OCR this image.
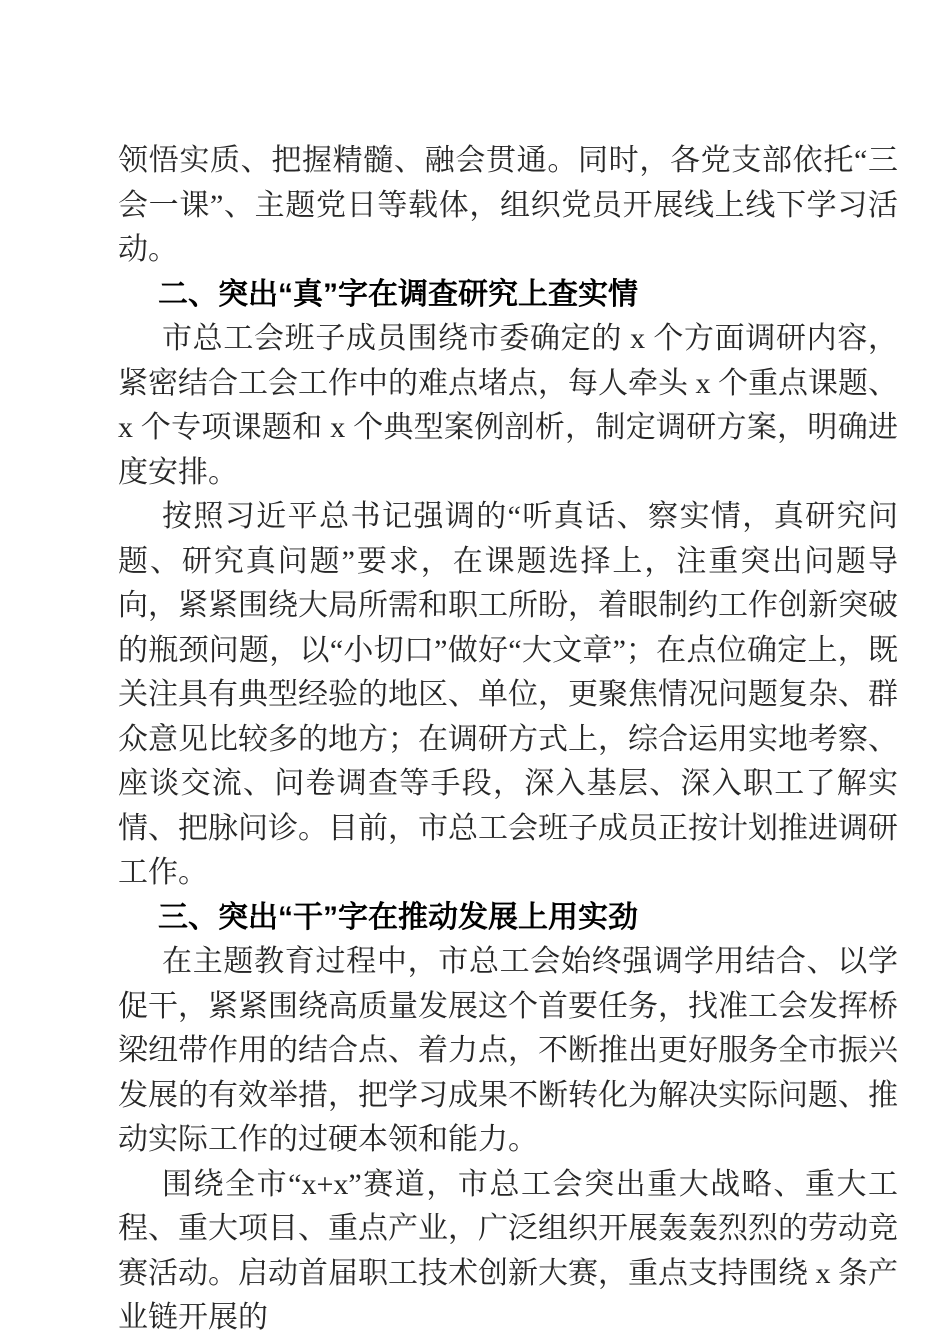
领悟实质、把握精髓、融会贯通。同时，各党支部依托“三会一课”、主题党日等载体，组织党员开展线上线下学习活动。

二、突出“真”字在调查研究上查实情

市总工会班子成员围绕市委确定的 x 个方面调研内容，紧密结合工会工作中的难点堵点，每人牵头 x 个重点课题、x 个专项课题和 x 个典型案例剖析，制定调研方案，明确进度安排。

按照习近平总书记强调的“听真话、察实情，真研究问题、研究真问题”要求，在课题选择上，注重突出问题导向，紧紧围绕大局所需和职工所盼，着眼制约工作创新突破的瓶颈问题，以“小切口”做好“大文章”；在点位确定上，既关注具有典型经验的地区、单位，更聚焦情况问题复杂、群众意见比较多的地方；在调研方式上，综合运用实地考察、座谈交流、问卷调查等手段，深入基层、深入职工了解实情、把脉问诊。目前，市总工会班子成员正按计划推进调研工作。

三、突出“干”字在推动发展上用实劲

在主题教育过程中，市总工会始终强调学用结合、以学促干，紧紧围绕高质量发展这个首要任务，找准工会发挥桥梁纽带作用的结合点、着力点，不断推出更好服务全市振兴发展的有效举措，把学习成果不断转化为解决实际问题、推动实际工作的过硬本领和能力。

围绕全市“x+x”赛道，市总工会突出重大战略、重大工程、重大项目、重点产业，广泛组织开展轰轰烈烈的劳动竞赛活动。启动首届职工技术创新大赛，重点支持围绕 x 条产业链开展的
